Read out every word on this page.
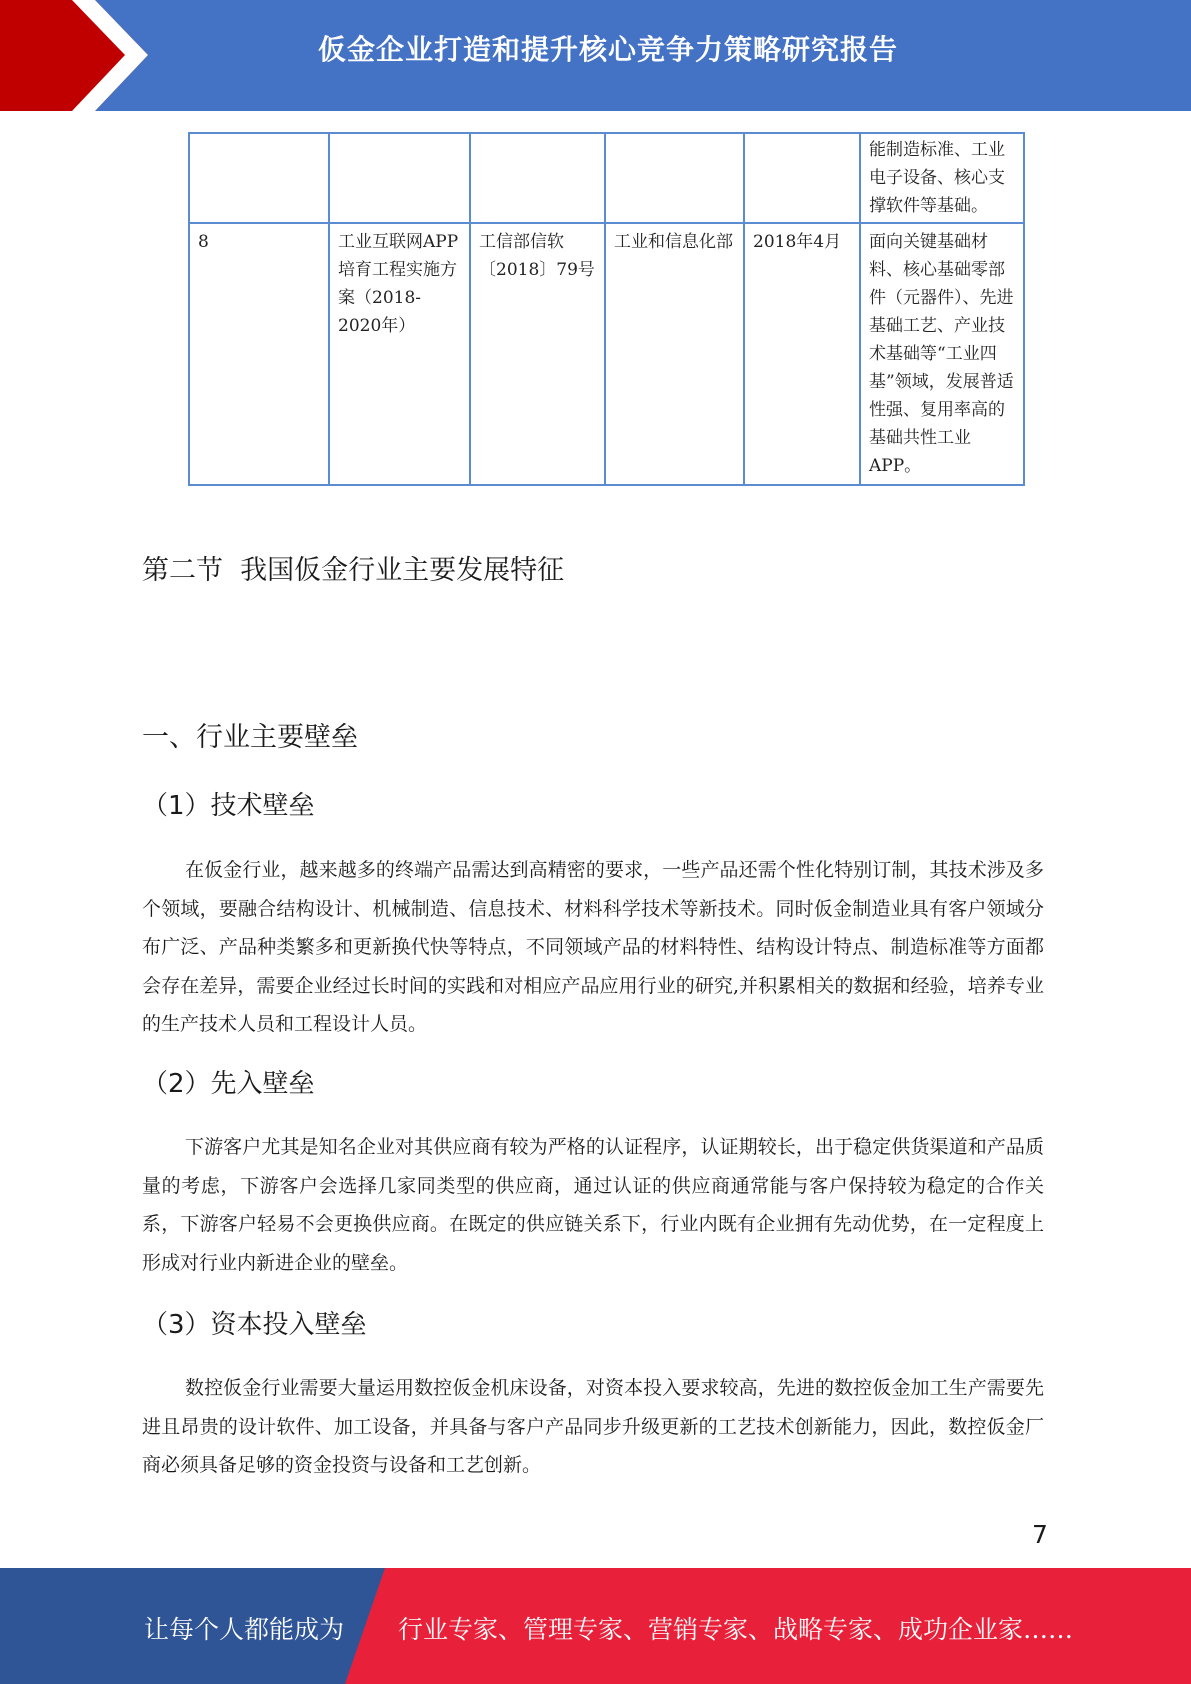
仮金企业打造和提升核心竞争力策略研究报告
					能制造标准、工业电子设备、核心支撑软件等基础。
8	工业互联网APP培育工程实施方案（2018-2020年）	工信部信软〔2018〕79号	工业和信息化部	2018年4月	面向关键基础材料、核心基础零部件（元器件）、先进基础工艺、产业技术基础等“工业四基”领域，发展普适性强、复用率高的基础共性工业APP。
第二节  我国仮金行业主要发展特征
一、行业主要壁垒
（1）技术壁垒
在仮金行业，越来越多的终端产品需达到高精密的要求，一些产品还需个性化特别订制，其技术涉及多个领域，要融合结构设计、机械制造、信息技术、材料科学技术等新技术。同时仮金制造业具有客户领域分布广泛、产品种类繁多和更新换代快等特点，不同领域产品的材料特性、结构设计特点、制造标准等方面都会存在差异，需要企业经过长时间的实践和对相应产品应用行业的研究,并积累相关的数据和经验，培养专业的生产技术人员和工程设计人员。
（2）先入壁垒
下游客户尤其是知名企业对其供应商有较为严格的认证程序，认证期较长，出于稳定供货渠道和产品质量的考虑，下游客户会选择几家同类型的供应商，通过认证的供应商通常能与客户保持较为稳定的合作关系，下游客户轻易不会更换供应商。在既定的供应链关系下，行业内既有企业拥有先动优势，在一定程度上形成对行业内新进企业的壁垒。
（3）资本投入壁垒
数控仮金行业需要大量运用数控仮金机床设备，对资本投入要求较高，先进的数控仮金加工生产需要先进且昂贵的设计软件、加工设备，并具备与客户产品同步升级更新的工艺技术创新能力，因此，数控仮金厂商必须具备足够的资金投资与设备和工艺创新。
7
让每个人都能成为 行业专家、管理专家、营销专家、战略专家、成功企业家……
